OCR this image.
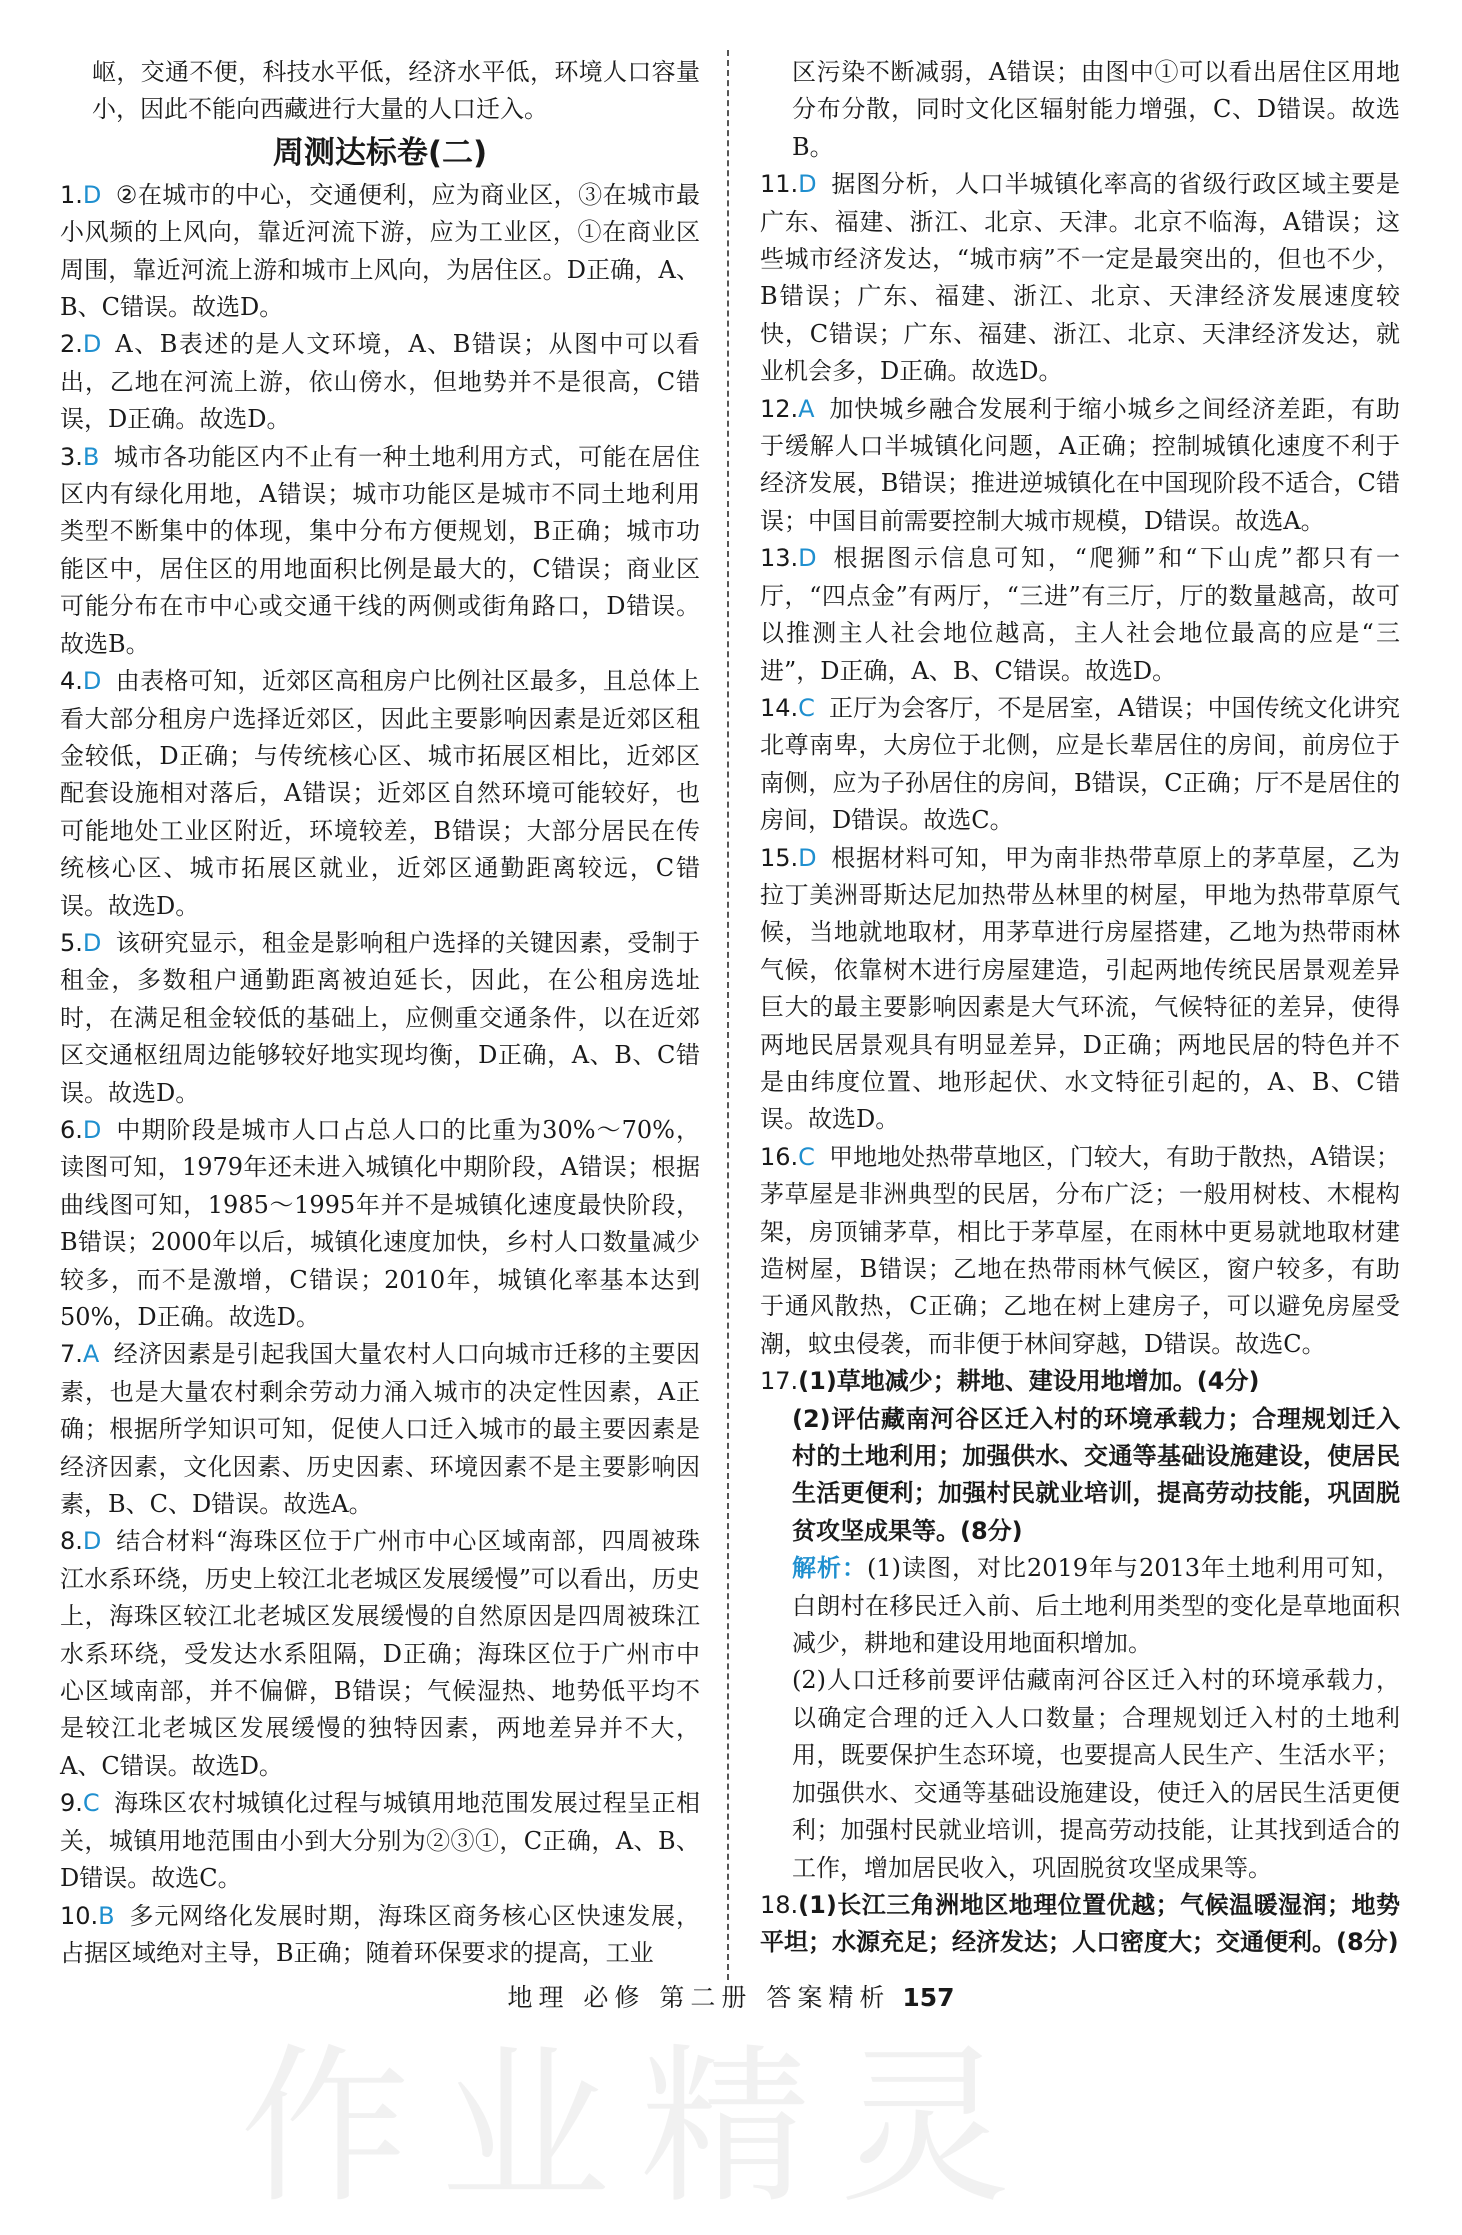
岖，交通不便，科技水平低，经济水平低，环境人口容量小，因此不能向西藏进行大量的人口迁入。
周测达标卷(二)
1.D ②在城市的中心，交通便利，应为商业区，③在城市最小风频的上风向，靠近河流下游，应为工业区，①在商业区周围，靠近河流上游和城市上风向，为居住区。D正确，A、B、C错误。故选D。
2.D A、B表述的是人文环境，A、B错误；从图中可以看出，乙地在河流上游，依山傍水，但地势并不是很高，C错误，D正确。故选D。
3.B 城市各功能区内不止有一种土地利用方式，可能在居住区内有绿化用地，A错误；城市功能区是城市不同土地利用类型不断集中的体现，集中分布方便规划，B正确；城市功能区中，居住区的用地面积比例是最大的，C错误；商业区可能分布在市中心或交通干线的两侧或街角路口，D错误。故选B。
4.D 由表格可知，近郊区高租房户比例社区最多，且总体上看大部分租房户选择近郊区，因此主要影响因素是近郊区租金较低，D正确；与传统核心区、城市拓展区相比，近郊区配套设施相对落后，A错误；近郊区自然环境可能较好，也可能地处工业区附近，环境较差，B错误；大部分居民在传统核心区、城市拓展区就业，近郊区通勤距离较远，C错误。故选D。
5.D 该研究显示，租金是影响租户选择的关键因素，受制于租金，多数租户通勤距离被迫延长，因此，在公租房选址时，在满足租金较低的基础上，应侧重交通条件，以在近郊区交通枢纽周边能够较好地实现均衡，D正确，A、B、C错误。故选D。
6.D 中期阶段是城市人口占总人口的比重为30%～70%，读图可知，1979年还未进入城镇化中期阶段，A错误；根据曲线图可知，1985～1995年并不是城镇化速度最快阶段，B错误；2000年以后，城镇化速度加快，乡村人口数量减少较多，而不是激增，C错误；2010年，城镇化率基本达到50%，D正确。故选D。
7.A 经济因素是引起我国大量农村人口向城市迁移的主要因素，也是大量农村剩余劳动力涌入城市的决定性因素，A正确；根据所学知识可知，促使人口迁入城市的最主要因素是经济因素，文化因素、历史因素、环境因素不是主要影响因素，B、C、D错误。故选A。
8.D 结合材料“海珠区位于广州市中心区域南部，四周被珠江水系环绕，历史上较江北老城区发展缓慢”可以看出，历史上，海珠区较江北老城区发展缓慢的自然原因是四周被珠江水系环绕，受发达水系阻隔，D正确；海珠区位于广州市中心区域南部，并不偏僻，B错误；气候湿热、地势低平均不是较江北老城区发展缓慢的独特因素，两地差异并不大，A、C错误。故选D。
9.C 海珠区农村城镇化过程与城镇用地范围发展过程呈正相关，城镇用地范围由小到大分别为②③①，C正确，A、B、D错误。故选C。
10.B 多元网络化发展时期，海珠区商务核心区快速发展，占据区域绝对主导，B正确；随着环保要求的提高，工业
区污染不断减弱，A错误；由图中①可以看出居住区用地分布分散，同时文化区辐射能力增强，C、D错误。故选B。
11.D 据图分析，人口半城镇化率高的省级行政区域主要是广东、福建、浙江、北京、天津。北京不临海，A错误；这些城市经济发达，“城市病”不一定是最突出的，但也不少，B错误；广东、福建、浙江、北京、天津经济发展速度较快，C错误；广东、福建、浙江、北京、天津经济发达，就业机会多，D正确。故选D。
12.A 加快城乡融合发展利于缩小城乡之间经济差距，有助于缓解人口半城镇化问题，A正确；控制城镇化速度不利于经济发展，B错误；推进逆城镇化在中国现阶段不适合，C错误；中国目前需要控制大城市规模，D错误。故选A。
13.D 根据图示信息可知，“爬狮”和“下山虎”都只有一厅，“四点金”有两厅，“三进”有三厅，厅的数量越高，故可以推测主人社会地位越高，主人社会地位最高的应是“三进”，D正确，A、B、C错误。故选D。
14.C 正厅为会客厅，不是居室，A错误；中国传统文化讲究北尊南卑，大房位于北侧，应是长辈居住的房间，前房位于南侧，应为子孙居住的房间，B错误，C正确；厅不是居住的房间，D错误。故选C。
15.D 根据材料可知，甲为南非热带草原上的茅草屋，乙为拉丁美洲哥斯达尼加热带丛林里的树屋，甲地为热带草原气候，当地就地取材，用茅草进行房屋搭建，乙地为热带雨林气候，依靠树木进行房屋建造，引起两地传统民居景观差异巨大的最主要影响因素是大气环流，气候特征的差异，使得两地民居景观具有明显差异，D正确；两地民居的特色并不是由纬度位置、地形起伏、水文特征引起的，A、B、C错误。故选D。
16.C 甲地地处热带草地区，门较大，有助于散热，A错误；茅草屋是非洲典型的民居，分布广泛；一般用树枝、木棍构架，房顶铺茅草，相比于茅草屋，在雨林中更易就地取材建造树屋，B错误；乙地在热带雨林气候区，窗户较多，有助于通风散热，C正确；乙地在树上建房子，可以避免房屋受潮，蚊虫侵袭，而非便于林间穿越，D错误。故选C。
17.(1)草地减少；耕地、建设用地增加。(4分)
(2)评估藏南河谷区迁入村的环境承载力；合理规划迁入村的土地利用；加强供水、交通等基础设施建设，使居民生活更便利；加强村民就业培训，提高劳动技能，巩固脱贫攻坚成果等。(8分)
解析：(1)读图，对比2019年与2013年土地利用可知，白朗村在移民迁入前、后土地利用类型的变化是草地面积减少，耕地和建设用地面积增加。
(2)人口迁移前要评估藏南河谷区迁入村的环境承载力，以确定合理的迁入人口数量；合理规划迁入村的土地利用，既要保护生态环境，也要提高人民生产、生活水平；加强供水、交通等基础设施建设，使迁入的居民生活更便利；加强村民就业培训，提高劳动技能，让其找到适合的工作，增加居民收入，巩固脱贫攻坚成果等。
18.(1)长江三角洲地区地理位置优越；气候温暖湿润；地势平坦；水源充足；经济发达；人口密度大；交通便利。(8分)
地理 必修 第二册 答案精析 157
作业精灵
